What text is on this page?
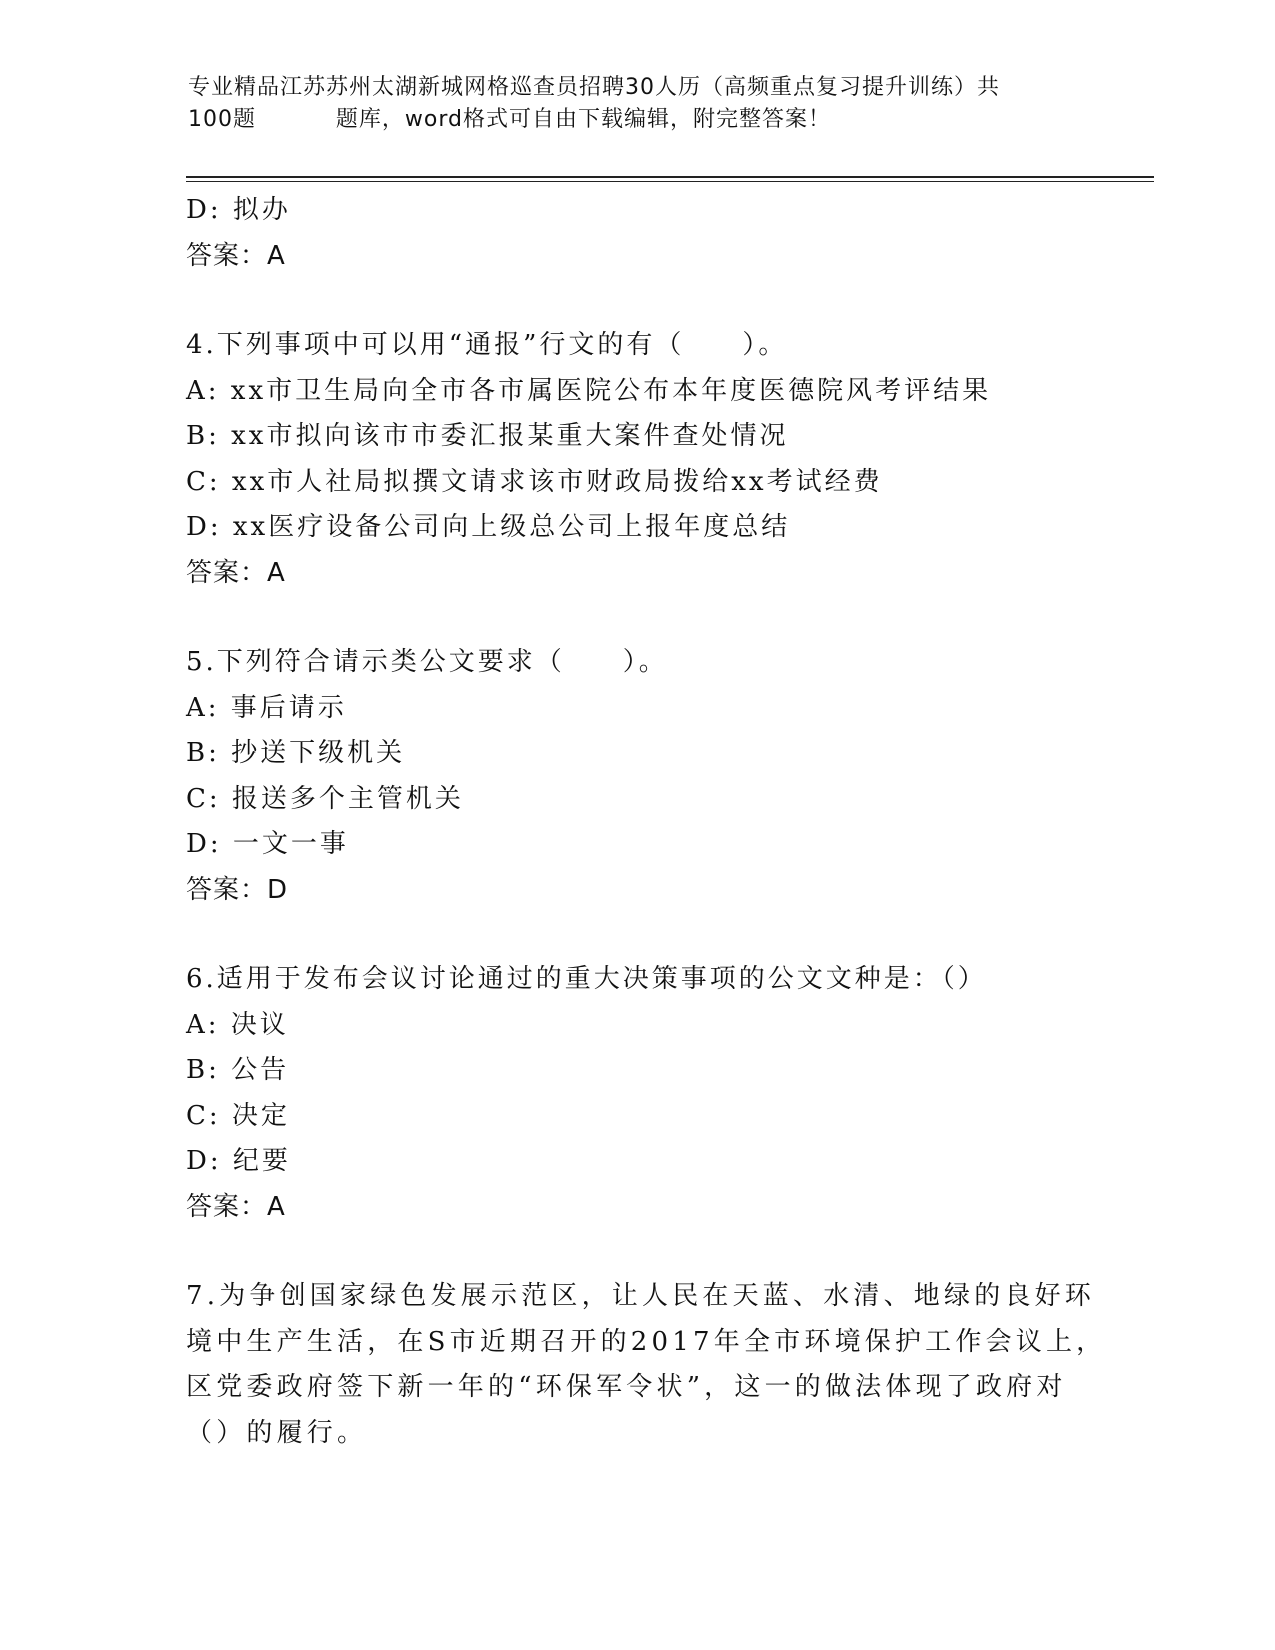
专业精品江苏苏州太湖新城网格巡查员招聘30人历（高频重点复习提升训练）共
100题          题库，word格式可自由下载编辑，附完整答案！
D: 拟办
答案：A
4.下列事项中可以用“通报”行文的有（　　）。
A: xx市卫生局向全市各市属医院公布本年度医德院风考评结果
B: xx市拟向该市市委汇报某重大案件查处情况
C: xx市人社局拟撰文请求该市财政局拨给xx考试经费
D: xx医疗设备公司向上级总公司上报年度总结
答案：A
5.下列符合请示类公文要求（　　）。
A: 事后请示
B: 抄送下级机关
C: 报送多个主管机关
D: 一文一事
答案：D
6.适用于发布会议讨论通过的重大决策事项的公文文种是：（）
A: 决议
B: 公告
C: 决定
D: 纪要
答案：A
7.为争创国家绿色发展示范区，让人民在天蓝、水清、地绿的良好环
境中生产生活，在S市近期召开的2017年全市环境保护工作会议上，
区党委政府签下新一年的“环保军令状”，这一的做法体现了政府对
（）的履行。
